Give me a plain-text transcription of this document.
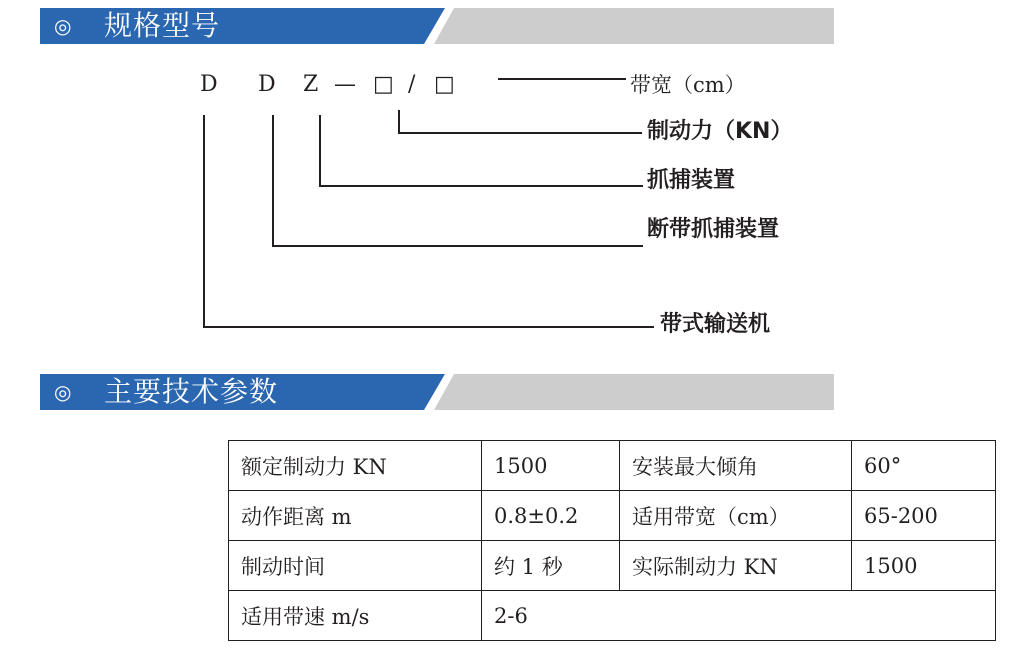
◎ 规格型号
D D Z — □ / □	带宽（cm）
制动力（KN）
抓捕装置
断带抓捕装置
带式输送机
◎ 主要技术参数
额定制动力 KN	1500	安装最大倾角	60°
动作距离 m	0.8±0.2	适用带宽（cm）	65-200
制动时间	约 1 秒	实际制动力 KN	1500
适用带速 m/s	2-6		
